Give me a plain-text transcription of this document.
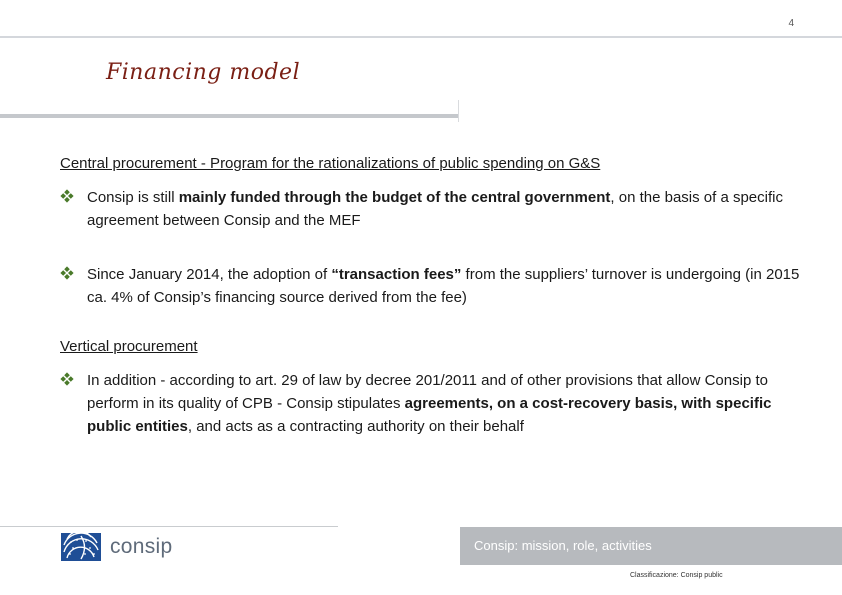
4
Financing model

Central procurement - Program for the rationalizations of public spending on G&S

Consip is still mainly funded through the budget of the central government, on the basis of a specific agreement between Consip and the MEF
Since January 2014, the adoption of “transaction fees” from the suppliers’ turnover is undergoing (in 2015 ca. 4% of Consip’s financing source derived from the fee)

Vertical procurement

In addition - according to art. 29 of law by decree 201/2011 and of other provisions that allow Consip to perform in its quality of CPB - Consip stipulates agreements, on a cost-recovery basis, with specific public entities, and acts as a contracting authority on their behalf
consip	Consip: mission, role, activities
Classificazione: Consip public
